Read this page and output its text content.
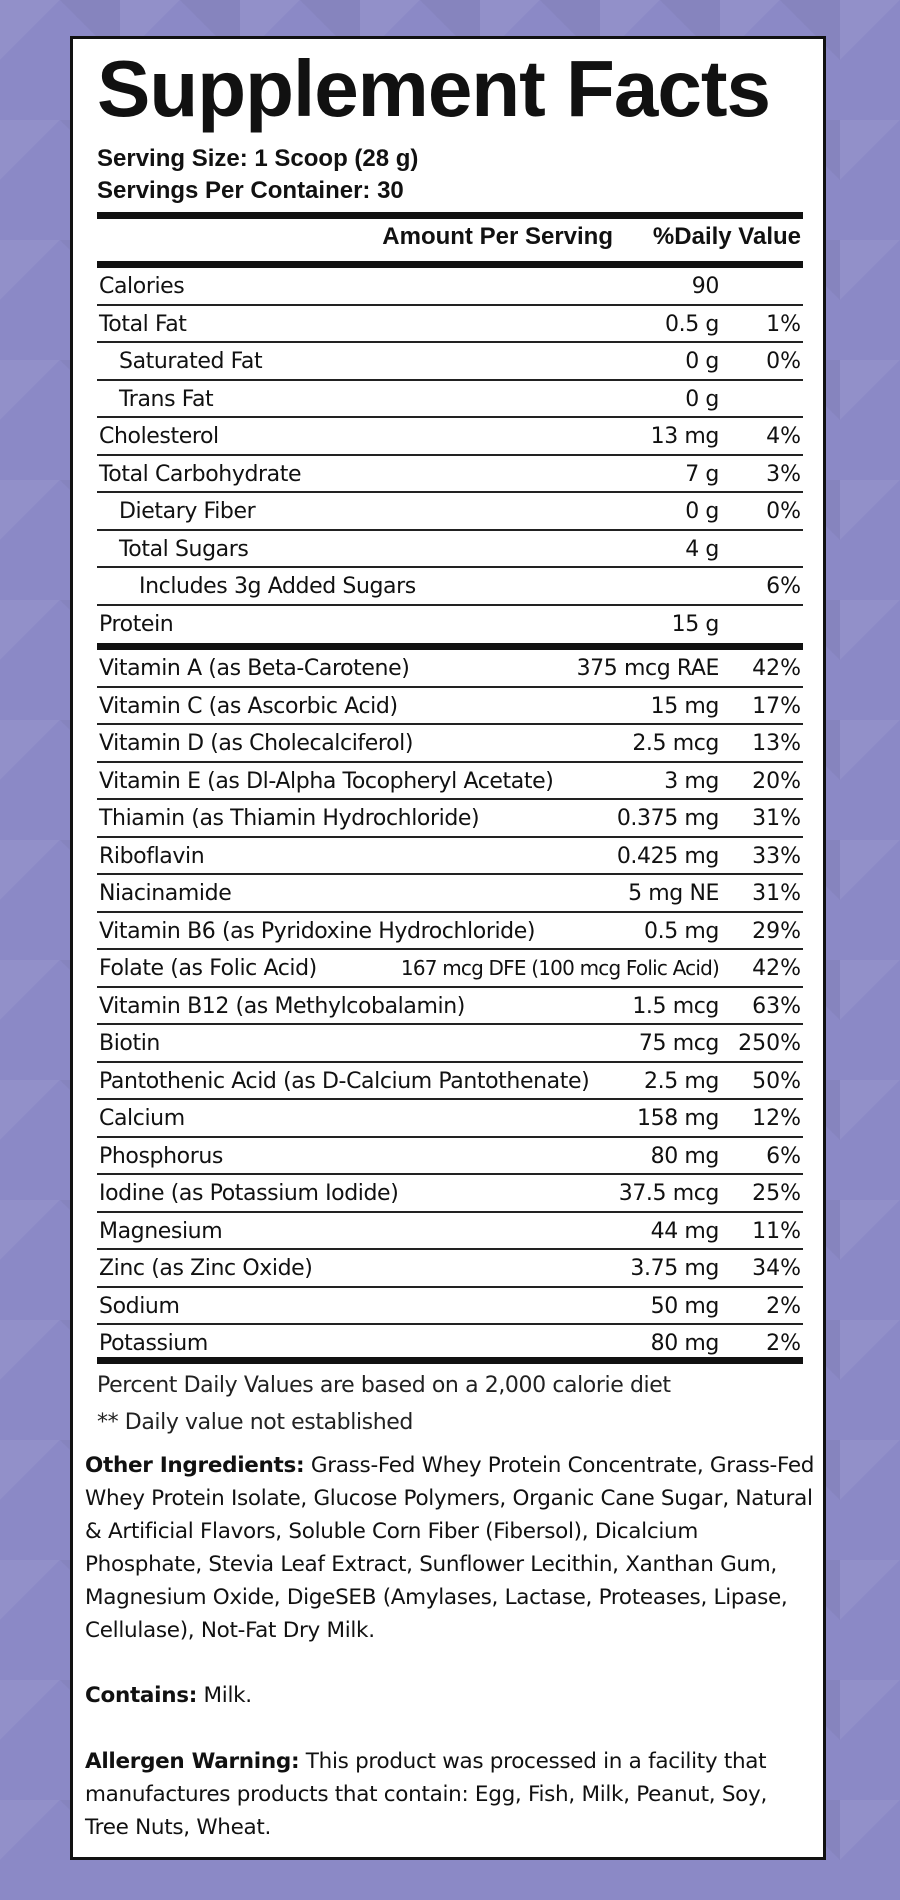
Supplement Facts
Serving Size: 1 Scoop (28 g)
Servings Per Container: 30
Amount Per Serving %Daily Value
Calories	90
Total Fat	0.5 g 1%
Saturated Fat	0 g 0%
Trans Fat	0 g
Cholesterol	13 mg 4%
Total Carbohydrate	7 g 3%
Dietary Fiber	0 g 0%
Total Sugars	4 g
Includes 3g Added Sugars	6%
Protein	15 g
Vitamin A (as Beta-Carotene)	375 mcg RAE 42%
Vitamin C (as Ascorbic Acid)	15 mg 17%
Vitamin D (as Cholecalciferol)	2.5 mcg 13%
Vitamin E (as Dl-Alpha Tocopheryl Acetate)	3 mg 20%
Thiamin (as Thiamin Hydrochloride)	0.375 mg 31%
Riboflavin	0.425 mg 33%
Niacinamide	5 mg NE 31%
Vitamin B6 (as Pyridoxine Hydrochloride)	0.5 mg 29%
Folate (as Folic Acid)	167 mcg DFE (100 mcg Folic Acid) 42%
Vitamin B12 (as Methylcobalamin)	1.5 mcg 63%
Biotin	75 mcg 250%
Pantothenic Acid (as D-Calcium Pantothenate) 2.5 mg 50%
Calcium	158 mg 12%
Phosphorus	80 mg 6%
Iodine (as Potassium Iodide)	37.5 mcg 25%
Magnesium	44 mg 11%
Zinc (as Zinc Oxide)	3.75 mg 34%
Sodium	50 mg 2%
Potassium	80 mg 2%
Percent Daily Values are based on a 2,000 calorie diet
** Daily value not established

Other Ingredients: Grass-Fed Whey Protein Concentrate, Grass-Fed Whey Protein Isolate, Glucose Polymers, Organic Cane Sugar, Natural & Artificial Flavors, Soluble Corn Fiber (Fibersol), Dicalcium Phosphate, Stevia Leaf Extract, Sunflower Lecithin, Xanthan Gum, Magnesium Oxide, DigeSEB (Amylases, Lactase, Proteases, Lipase, Cellulase), Not-Fat Dry Milk.

Contains: Milk.

Allergen Warning: This product was processed in a facility that manufactures products that contain: Egg, Fish, Milk, Peanut, Soy, Tree Nuts, Wheat.
